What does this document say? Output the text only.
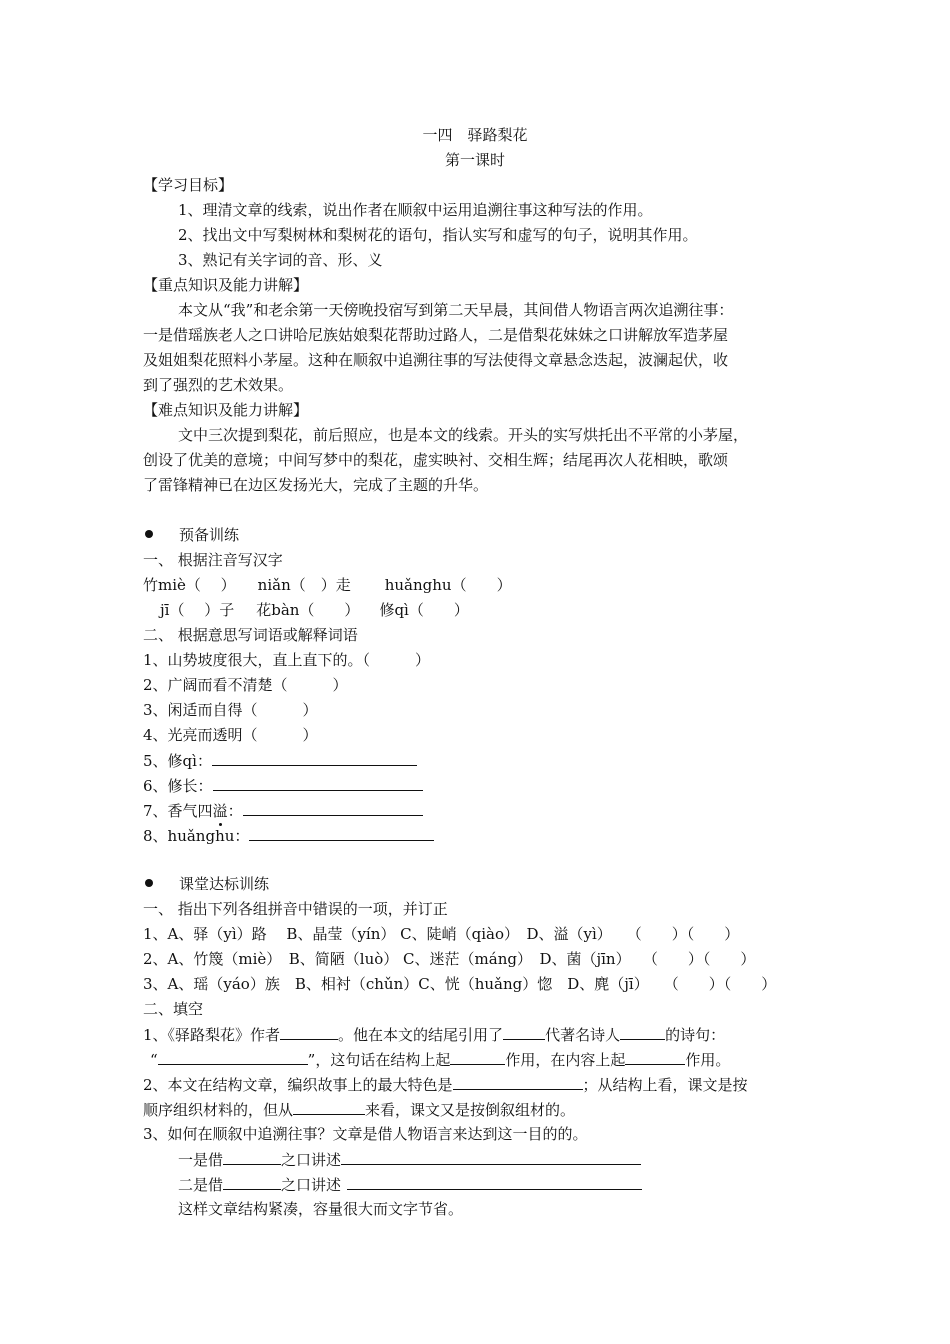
一四　驿路梨花
第一课时
【学习目标】
1、理清文章的线索，说出作者在顺叙中运用追溯往事这种写法的作用。
2、找出文中写梨树林和梨树花的语句，指认实写和虚写的句子，说明其作用。
3、熟记有关字词的音、形、义
【重点知识及能力讲解】
本文从“我”和老余第一天傍晚投宿写到第二天早晨，其间借人物语言两次追溯往事：
一是借瑶族老人之口讲哈尼族姑娘梨花帮助过路人，二是借梨花妹妹之口讲解放军造茅屋
及姐姐梨花照料小茅屋。这种在顺叙中追溯往事的写法使得文章悬念迭起，波澜起伏，收
到了强烈的艺术效果。
【难点知识及能力讲解】
文中三次提到梨花，前后照应，也是本文的线索。开头的实写烘托出不平常的小茅屋，
创设了优美的意境；中间写梦中的梨花，虚实映衬、交相生辉；结尾再次人花相映，歌颂
了雷锋精神已在边区发扬光大，完成了主题的升华。
预备训练
一、 根据注音写汉字
竹miè（　 ） niǎn（　）走 huǎnghu（　　）
jī（　 ）子 花bàn（　　） 修qì（　　）
二、 根据意思写词语或解释词语
1、山势坡度很大，直上直下的。（　　　）
2、广阔而看不清楚（　　　）
3、闲适而自得（　　　）
4、光亮而透明（　　　）
5、修qì：
6、修长：
7、香气四溢：
8、huǎnghu：
课堂达标训练
一、 指出下列各组拼音中错误的一项，并订正
1、A、驿（yì）路　 B、晶莹（yín） C、陡峭（qiào）　D、溢（yì）　　（　　）（　　）
2、A、竹篾（miè）　B、简陋（luò） C、迷茫（máng）　D、菌（jīn）　 （　　）（　　）
3、A、瑶（yáo）族　B、相衬（chǔn）C、恍（huǎng）惚　D、麂（jī）　　（　　）（　　）
二、填空
1、《驿路梨花》作者	。他在本文的结尾引用了	代著名诗人	的诗句：
“	”，这句话在结构上起	作用，在内容上起	作用。
2、本文在结构文章，编织故事上的最大特色是	；从结构上看，课文是按
顺序组织材料的，但从	来看，课文又是按倒叙组材的。
3、如何在顺叙中追溯往事？文章是借人物语言来达到这一目的的。
一是借	之口讲述
二是借	之口讲述
这样文章结构紧凑，容量很大而文字节省。
